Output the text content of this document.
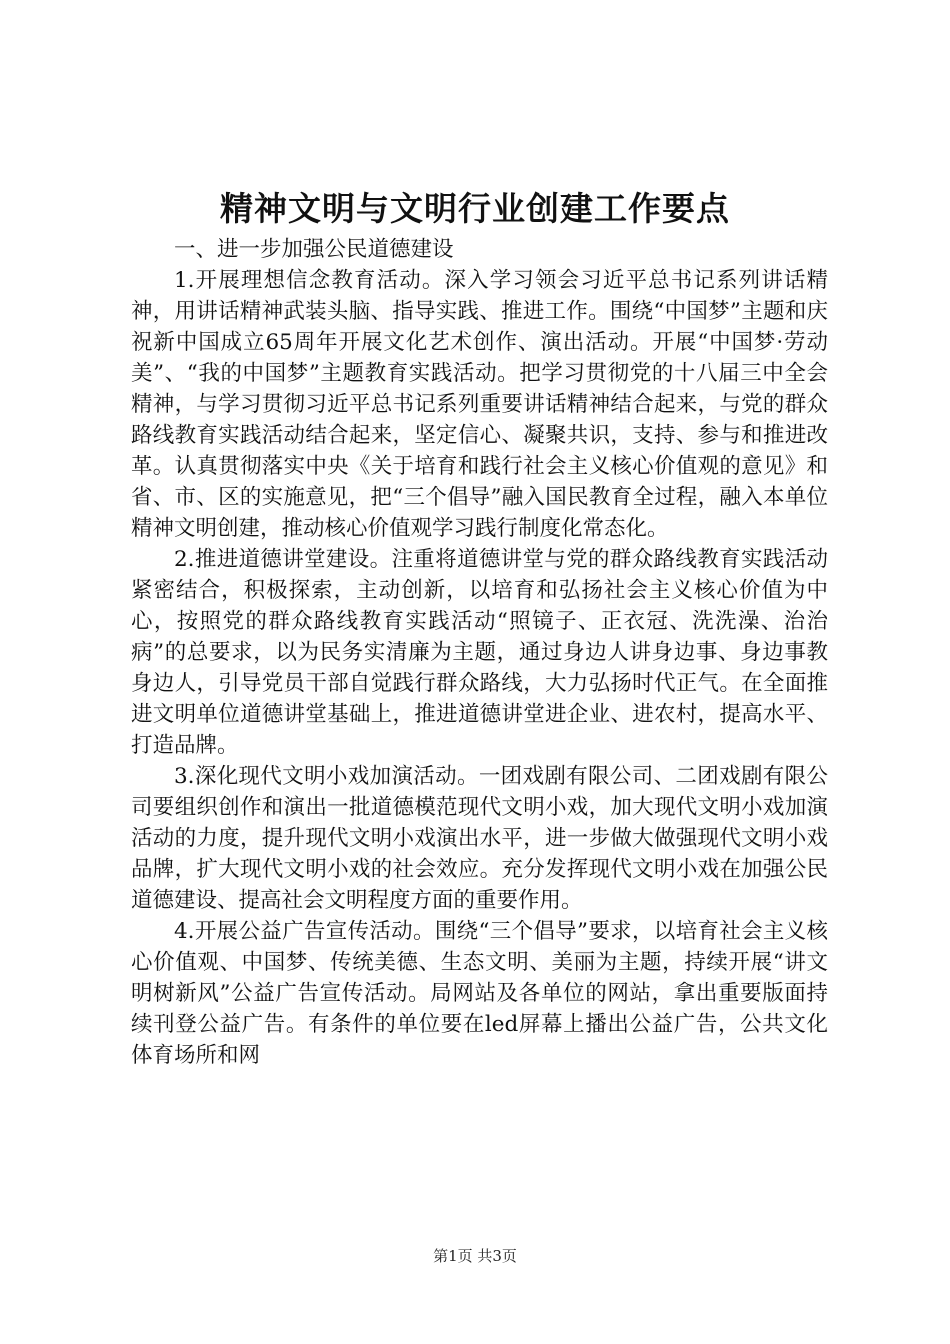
精神文明与文明行业创建工作要点

一、进一步加强公民道德建设

1.开展理想信念教育活动。深入学习领会习近平总书记系列讲话精神，用讲话精神武装头脑、指导实践、推进工作。围绕“中国梦”主题和庆祝新中国成立65周年开展文化艺术创作、演出活动。开展“中国梦·劳动美”、“我的中国梦”主题教育实践活动。把学习贯彻党的十八届三中全会精神，与学习贯彻习近平总书记系列重要讲话精神结合起来，与党的群众路线教育实践活动结合起来，坚定信心、凝聚共识，支持、参与和推进改革。认真贯彻落实中央《关于培育和践行社会主义核心价值观的意见》和省、市、区的实施意见，把“三个倡导”融入国民教育全过程，融入本单位精神文明创建，推动核心价值观学习践行制度化常态化。

2.推进道德讲堂建设。注重将道德讲堂与党的群众路线教育实践活动紧密结合，积极探索，主动创新，以培育和弘扬社会主义核心价值为中心，按照党的群众路线教育实践活动“照镜子、正衣冠、洗洗澡、治治病”的总要求，以为民务实清廉为主题，通过身边人讲身边事、身边事教身边人，引导党员干部自觉践行群众路线，大力弘扬时代正气。在全面推进文明单位道德讲堂基础上，推进道德讲堂进企业、进农村，提高水平、打造品牌。

3.深化现代文明小戏加演活动。一团戏剧有限公司、二团戏剧有限公司要组织创作和演出一批道德模范现代文明小戏，加大现代文明小戏加演活动的力度，提升现代文明小戏演出水平，进一步做大做强现代文明小戏品牌，扩大现代文明小戏的社会效应。充分发挥现代文明小戏在加强公民道德建设、提高社会文明程度方面的重要作用。

4.开展公益广告宣传活动。围绕“三个倡导”要求，以培育社会主义核心价值观、中国梦、传统美德、生态文明、美丽为主题，持续开展“讲文明树新风”公益广告宣传活动。局网站及各单位的网站，拿出重要版面持续刊登公益广告。有条件的单位要在led屏幕上播出公益广告，公共文化体育场所和网

第1页 共3页
